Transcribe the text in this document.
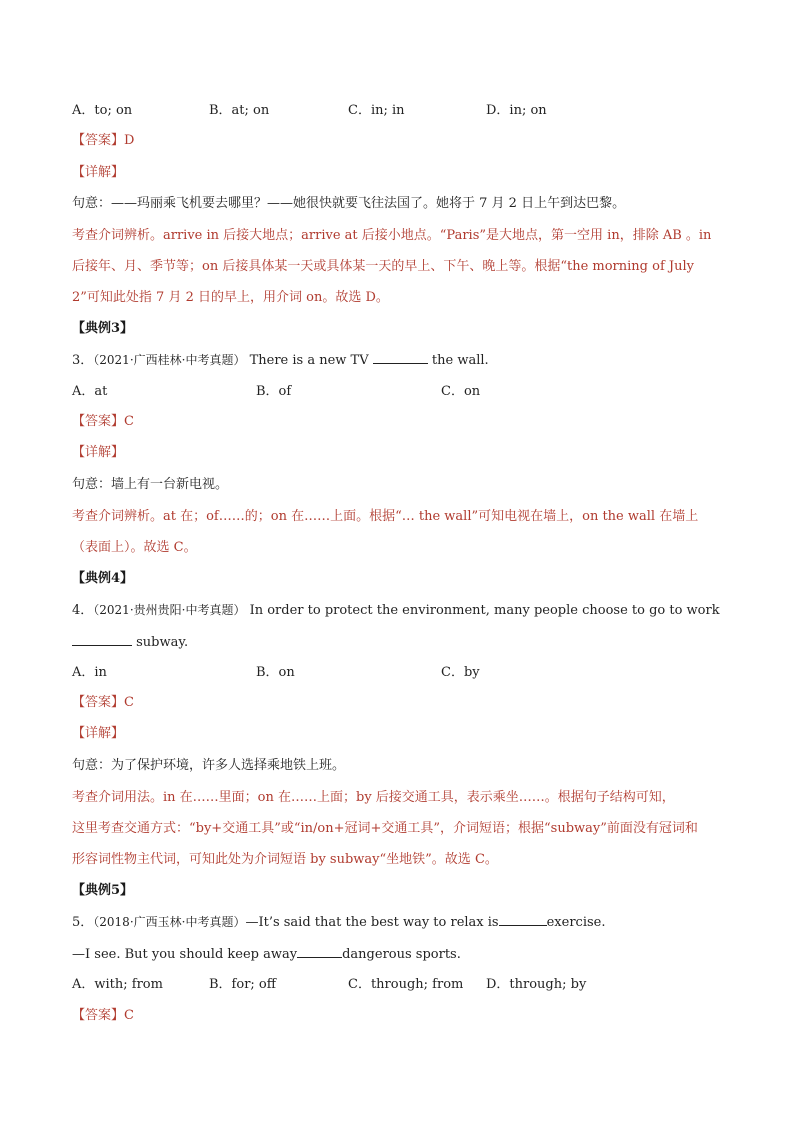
A．to; on	B．at; on	C．in; in	D．in; on
【答案】D
【详解】
句意：——玛丽乘飞机要去哪里？——她很快就要飞往法国了。她将于 7 月 2 日上午到达巴黎。
考查介词辨析。arrive in 后接大地点；arrive at 后接小地点。“Paris”是大地点，第一空用 in，排除 AB 。in
后接年、月、季节等；on 后接具体某一天或具体某一天的早上、下午、晚上等。根据“the morning of July
2”可知此处指 7 月 2 日的早上，用介词 on。故选 D。
【典例3】
3．（2021·广西桂林·中考真题） There is a new TV	the wall.
A．at	B．of	C．on
【答案】C
【详解】
句意：墙上有一台新电视。
考查介词辨析。at 在；of……的；on 在……上面。根据“… the wall”可知电视在墙上，on the wall 在墙上
（表面上）。故选 C。
【典例4】
4．（2021·贵州贵阳·中考真题） In order to protect the environment, many people choose to go to work
subway.
A．in	B．on	C．by
【答案】C
【详解】
句意：为了保护环境，许多人选择乘地铁上班。
考查介词用法。in 在……里面；on 在……上面；by 后接交通工具，表示乘坐……。根据句子结构可知，
这里考查交通方式：“by+交通工具”或“in/on+冠词+交通工具”，介词短语；根据“subway”前面没有冠词和
形容词性物主代词，可知此处为介词短语 by subway“坐地铁”。故选 C。
【典例5】
5．（2018·广西玉林·中考真题）—It’s said that the best way to relax is	exercise.
—I see. But you should keep away	dangerous sports.
A．with; from	B．for; off	C．through; from D．through; by
【答案】C
